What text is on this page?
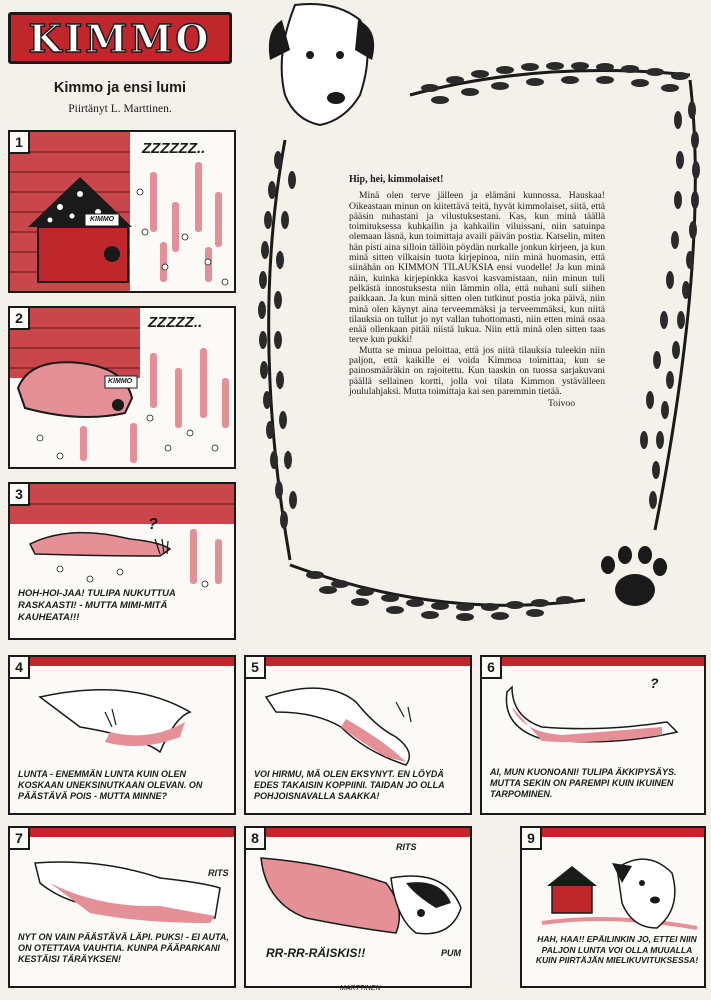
KIMMO
Kimmo ja ensi lumi
Piirtänyt L. Marttinen.
1	ZZZZZZ..
KIMMO
2	ZZZZZ..
KIMMO
3
?
HOH-HOI-JAA! TULIPA NUKUTTUA RASKAASTI! - MUTTA MIMI-MITÄ KAUHEATA!!!
Hip, hei, kimmolaiset!

Minä olen terve jälleen ja elämäni kunnossa. Hauskaa! Oikeastaan minun on kiitettävä teitä, hyvät kimmolaiset, siitä, että pääsin nuhastani ja vilustuksestani. Kas, kun minä täällä toimituksessa kuhkailin ja kahkailin viluissani, niin satuinpa olemaan läsnä, kun toimittaja availi päivän postia. Katselin, miten hän pisti aina silloin tällöin pöydän nurkalle jonkun kirjeen, ja kun minä sitten vilkaisin tuota kirjepinoa, niin minä huomasin, että siinähän on KIMMON TILAUKSIA ensi vuodelle! Ja kun minä näin, kuinka kirjepinkka kasvoi kasvamistaan, niin minun tuli pelkästä innostuksesta niin lämmin olla, että nuhani suli siihen paikkaan. Ja kun minä sitten olen tutkinut postia joka päivä, niin minä olen käynyt aina terveemmäksi ja terveemmäksi, kun niitä tilauksia on tullut jo nyt vallan tuhottomasti, niin etten minä osaa enää ollenkaan pitää niistä lukua. Niin että minä olen sitten taas terve kun pukki!

Mutta se minua peloittaa, että jos niitä tilauksia tuleekin niin paljon, että kaikille ei voida Kimmoa toimittaa, kun se painosmääräkin on rajoitettu. Kun taaskin on tuossa sarjakuvani päällä sellainen kortti, jolla voi tilata Kimmon ystävälleen joululahjaksi. Mutta toimittaja kai sen paremmin tietää.

Toivoo
4
LUNTA - ENEMMÄN LUNTA KUIN OLEN KOSKAAN UNEKSINUTKAAN OLEVAN. ON PÄÄSTÄVÄ POIS - MUTTA MINNE?
5
VOI HIRMU, MÄ OLEN EKSYNYT. EN LÖYDÄ EDES TAKAISIN KOPPIINI. TAIDAN JO OLLA POHJOISNAVALLA SAAKKA!
6
?
AI, MUN KUONOANI! TULIPA ÄKKIPYSÄYS. MUTTA SEKIN ON PAREMPI KUIN IKUINEN TARPOMINEN.
7
RITS
NYT ON VAIN PÄÄSTÄVÄ LÄPI. PUKS! - EI AUTA, ON OTETTAVA VAUHTIA. KUNPA PÄÄPARKANI KESTÄISI TÄRÄYKSEN!
8
RITS
PUM
RR-RR-RÄISKIS!!
9
HAH, HAA!! EPÄILINKIN JO, ETTEI NIIN PALJON LUNTA VOI OLLA MUUALLA KUIN PIIRTÄJÄN MIELIKUVITUKSESSA!
MARTTINEN
